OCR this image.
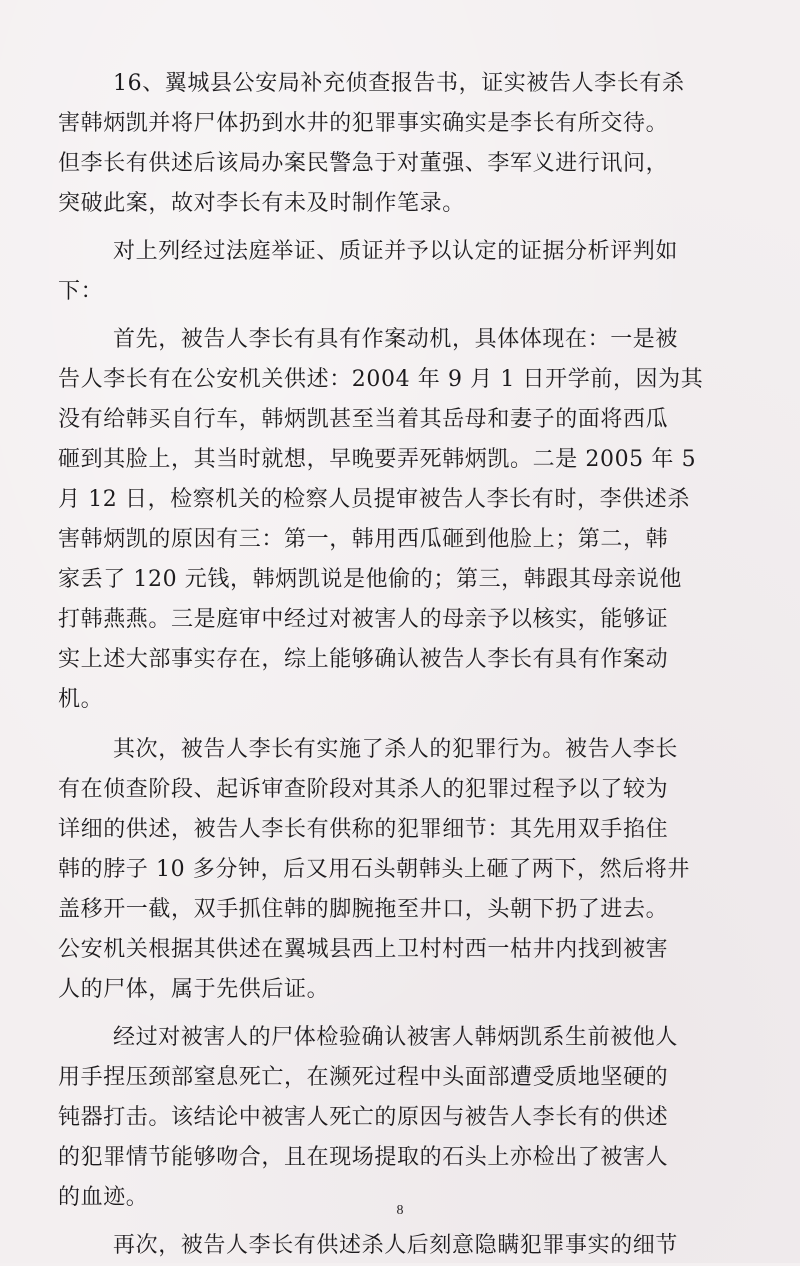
16、翼城县公安局补充侦查报告书，证实被告人李长有杀
害韩炳凯并将尸体扔到水井的犯罪事实确实是李长有所交待。
但李长有供述后该局办案民警急于对董强、李军义进行讯问，
突破此案，故对李长有未及时制作笔录。

对上列经过法庭举证、质证并予以认定的证据分析评判如
下：

首先，被告人李长有具有作案动机，具体体现在：一是被
告人李长有在公安机关供述：2004 年 9 月 1 日开学前，因为其
没有给韩买自行车，韩炳凯甚至当着其岳母和妻子的面将西瓜
砸到其脸上，其当时就想，早晚要弄死韩炳凯。二是 2005 年 5
月 12 日，检察机关的检察人员提审被告人李长有时，李供述杀
害韩炳凯的原因有三：第一，韩用西瓜砸到他脸上；第二，韩
家丢了 120 元钱，韩炳凯说是他偷的；第三，韩跟其母亲说他
打韩燕燕。三是庭审中经过对被害人的母亲予以核实，能够证
实上述大部事实存在，综上能够确认被告人李长有具有作案动
机。

其次，被告人李长有实施了杀人的犯罪行为。被告人李长
有在侦查阶段、起诉审查阶段对其杀人的犯罪过程予以了较为
详细的供述，被告人李长有供称的犯罪细节：其先用双手掐住
韩的脖子 10 多分钟，后又用石头朝韩头上砸了两下，然后将井
盖移开一截，双手抓住韩的脚腕拖至井口，头朝下扔了进去。
公安机关根据其供述在翼城县西上卫村村西一枯井内找到被害
人的尸体，属于先供后证。

经过对被害人的尸体检验确认被害人韩炳凯系生前被他人
用手捏压颈部窒息死亡，在濒死过程中头面部遭受质地坚硬的
钝器打击。该结论中被害人死亡的原因与被告人李长有的供述
的犯罪情节能够吻合，且在现场提取的石头上亦检出了被害人
的血迹。

再次，被告人李长有供述杀人后刻意隐瞒犯罪事实的细节

8
